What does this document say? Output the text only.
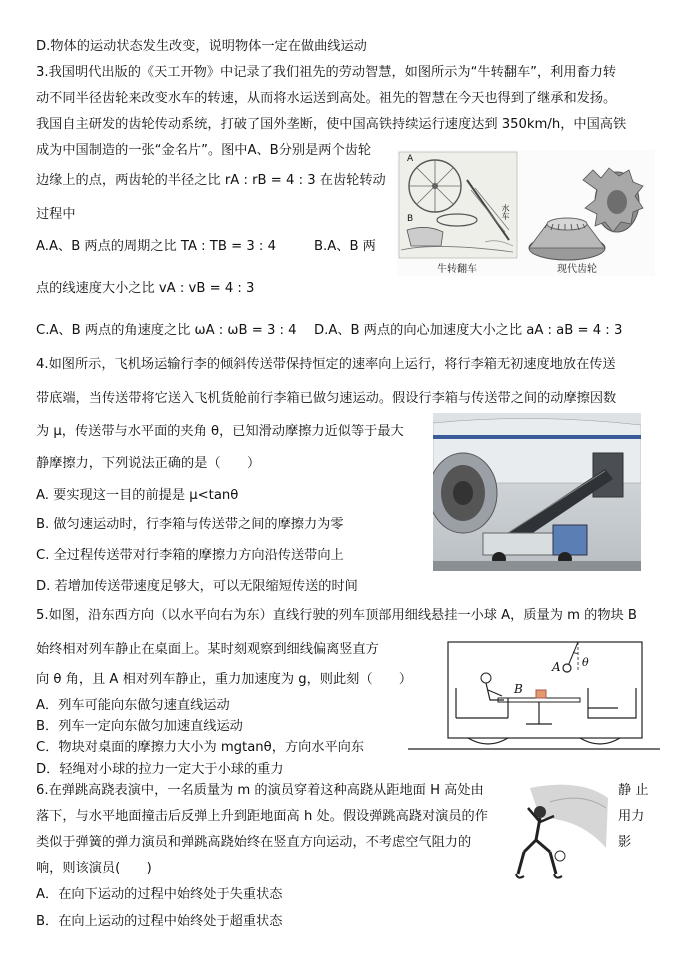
D.物体的运动状态发生改变，说明物体一定在做曲线运动
3.我国明代出版的《天工开物》中记录了我们祖先的劳动智慧，如图所示为“牛转翻车”，利用畜力转
动不同半径齿轮来改变水车的转速，从而将水运送到高处。祖先的智慧在今天也得到了继承和发扬。
我国自主研发的齿轮传动系统，打破了国外垄断，使中国高铁持续运行速度达到 350km/h，中国高铁
成为中国制造的一张“金名片”。图中A、B分别是两个齿轮
边缘上的点，两齿轮的半径之比 rA : rB = 4 : 3 在齿轮转动
过程中
A.A、B 两点的周期之比 TA : TB = 3 : 4	B.A、B 两
点的线速度大小之比 vA : vB = 4 : 3
C.A、B 两点的角速度之比 ωA : ωB = 3 : 4 D.A、B 两点的向心加速度大小之比 aA : aB = 4 : 3
A
B	水车
牛转翻车	现代齿轮
4.如图所示，飞机场运输行李的倾斜传送带保持恒定的速率向上运行，将行李箱无初速度地放在传送
带底端，当传送带将它送入飞机货舱前行李箱已做匀速运动。假设行李箱与传送带之间的动摩擦因数
为 μ，传送带与水平面的夹角 θ，已知滑动摩擦力近似等于最大
静摩擦力，下列说法正确的是（　　）
A. 要实现这一目的前提是 μ<tanθ
B. 做匀速运动时，行李箱与传送带之间的摩擦力为零
C. 全过程传送带对行李箱的摩擦力方向沿传送带向上
D. 若增加传送带速度足够大，可以无限缩短传送的时间
5.如图，沿东西方向（以水平向右为东）直线行驶的列车顶部用细线悬挂一小球 A，质量为 m 的物块 B
始终相对列车静止在桌面上。某时刻观察到细线偏离竖直方
向 θ 角，且 A 相对列车静止，重力加速度为 g，则此刻（　　）
A．列车可能向东做匀速直线运动
B．列车一定向东做匀加速直线运动
C．物块对桌面的摩擦力大小为 mgtanθ，方向水平向东
D．轻绳对小球的拉力一定大于小球的重力
A
B
θ
6.在弹跳高跷表演中，一名质量为 m 的演员穿着这种高跷从距地面 H 高处由	静 止
落下，与水平地面撞击后反弹上升到距地面高 h 处。假设弹跳高跷对演员的作	用力
类似于弹簧的弹力演员和弹跳高跷始终在竖直方向运动，不考虑空气阻力的	影
响，则该演员(　　)
A．在向下运动的过程中始终处于失重状态
B．在向上运动的过程中始终处于超重状态
